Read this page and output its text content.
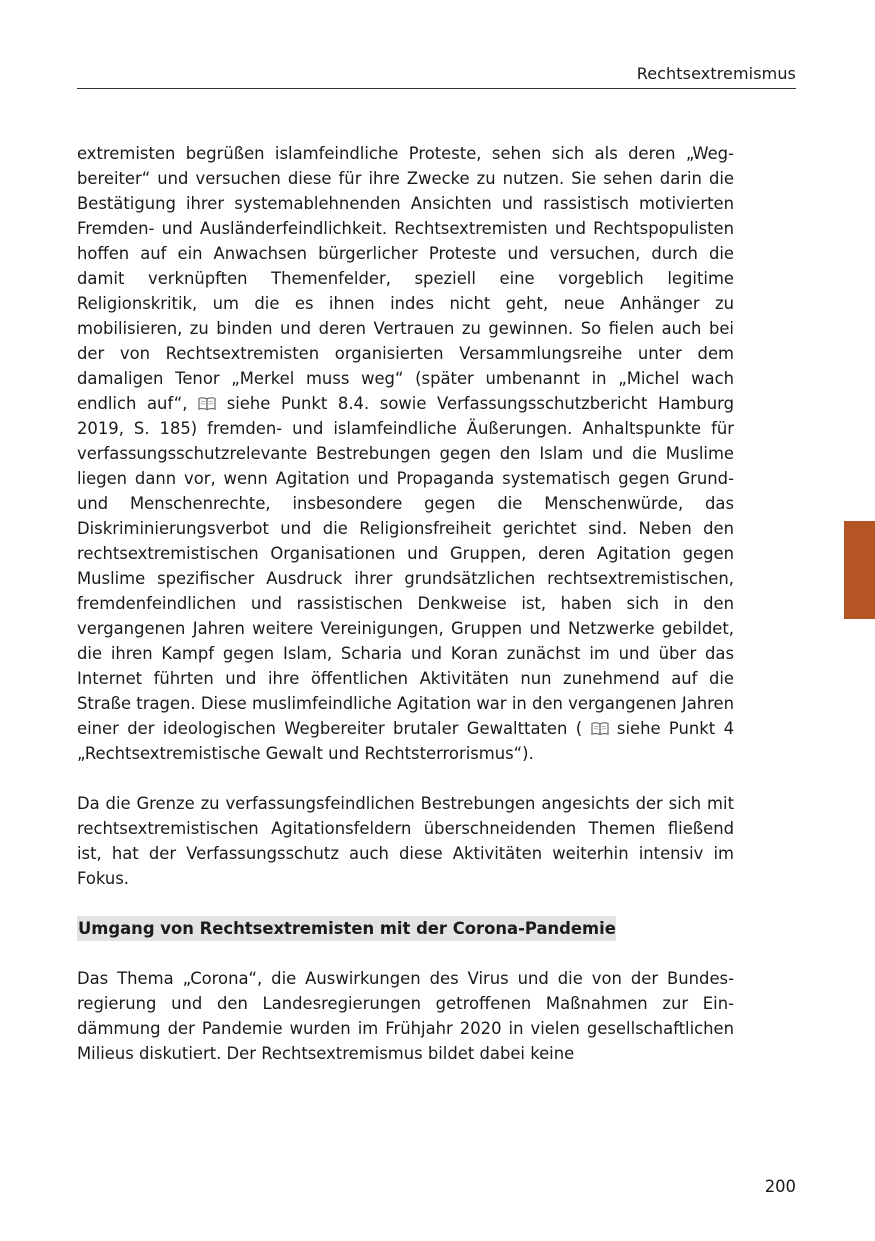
Rechtsextremismus

extremisten begrüßen islamfeindliche Proteste, sehen sich als deren „Wegbereiter“ und versuchen diese für ihre Zwecke zu nutzen. Sie sehen darin die Bestätigung ihrer systemablehnenden Ansichten und rassistisch motivierten Fremden- und Ausländerfeindlichkeit. Rechtsextremisten und Rechtspopulisten hoffen auf ein Anwachsen bürgerlicher Proteste und versuchen, durch die damit verknüpften Themenfelder, speziell eine vorgeblich legitime Religionskritik, um die es ihnen indes nicht geht, neue Anhänger zu mobilisieren, zu binden und deren Vertrauen zu gewinnen. So fielen auch bei der von Rechtsextremisten organisierten Versammlungsreihe unter dem damaligen Tenor „Merkel muss weg“ (später umbenannt in „Michel wach endlich auf“,  siehe Punkt 8.4. sowie Verfassungsschutzbericht Hamburg 2019, S. 185) fremden- und islamfeindliche Äußerungen. Anhaltspunkte für verfassungsschutzrelevante Bestrebungen gegen den Islam und die Muslime liegen dann vor, wenn Agitation und Propaganda systematisch gegen Grund- und Menschenrechte, insbesondere gegen die Menschenwürde, das Diskriminierungsverbot und die Religionsfreiheit gerichtet sind. Neben den rechtsextremistischen Organisationen und Gruppen, deren Agitation gegen Muslime spezifischer Ausdruck ihrer grundsätzlichen rechtsextremistischen, fremdenfeindlichen und rassistischen Denkweise ist, haben sich in den vergangenen Jahren weitere Vereinigungen, Gruppen und Netzwerke gebildet, die ihren Kampf gegen Islam, Scharia und Koran zunächst im und über das Internet führten und ihre öffentlichen Aktivitäten nun zunehmend auf die Straße tragen. Diese muslimfeindliche Agitation war in den vergangenen Jahren einer der ideologischen Wegbereiter brutaler Gewalttaten (  siehe Punkt 4 „Rechtsextremistische Gewalt und Rechtsterrorismus“).

Da die Grenze zu verfassungsfeindlichen Bestrebungen angesichts der sich mit rechtsextremistischen Agitationsfeldern überschneidenden Themen fließend ist, hat der Verfassungsschutz auch diese Aktivitäten weiterhin intensiv im Fokus.

Umgang von Rechtsextremisten mit der Corona-Pandemie

Das Thema „Corona“, die Auswirkungen des Virus und die von der Bundesregierung und den Landesregierungen getroffenen Maßnahmen zur Eindämmung der Pandemie wurden im Frühjahr 2020 in vielen gesellschaftlichen Milieus diskutiert. Der Rechtsextremismus bildet dabei keine

200
